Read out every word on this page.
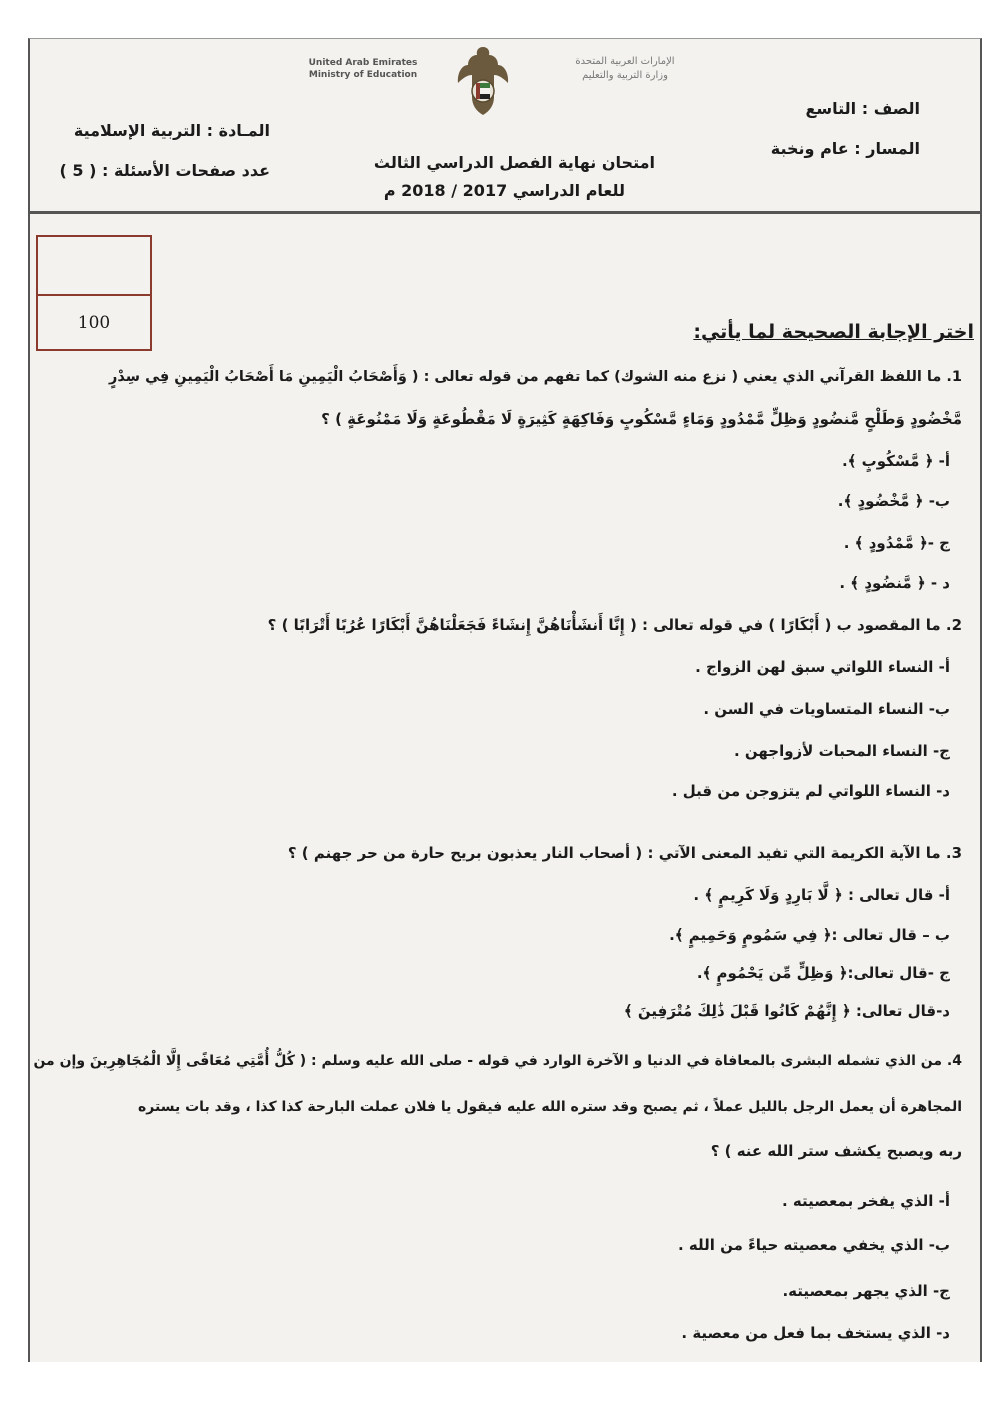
United Arab Emirates
Ministry of Education
الإمارات العربية المتحدة
وزارة التربية والتعليم
الصف : التاسع
المسار : عام ونخبة
امتحان نهاية الفصل الدراسي الثالث
للعام الدراسي 2017 / 2018 م
المـادة : التربية الإسلامية
عدد صفحات الأسئلة : ( 5 )
100	اختر الإجابة الصحيحة لما يأتي:
1. ما اللفظ القرآني الذي يعني ( نزع منه الشوك) كما تفهم من قوله تعالى : ( وَأَصْحَابُ الْيَمِينِ مَا أَصْحَابُ الْيَمِينِ فِي سِدْرٍ
مَّخْضُودٍ وَطَلْحٍ مَّنضُودٍ وَظِلٍّ مَّمْدُودٍ وَمَاءٍ مَّسْكُوبٍ وَفَاكِهَةٍ كَثِيرَةٍ لَا مَقْطُوعَةٍ وَلَا مَمْنُوعَةٍ ) ؟
أ- ﴿ مَّسْكُوبٍ ﴾.
ب- ﴿ مَّخْضُودٍ ﴾.
ج -﴿ مَّمْدُودٍ ﴾ .
د - ﴿ مَّنضُودٍ ﴾ .
2. ما المقصود ب ( أَبْكَارًا ) في قوله تعالى : ( إِنَّا أَنشَأْنَاهُنَّ إِنشَاءً فَجَعَلْنَاهُنَّ أَبْكَارًا عُرُبًا أَتْرَابًا ) ؟
أ- النساء اللواتي سبق لهن الزواج .
ب- النساء المتساويات في السن .
ج- النساء المحبات لأزواجهن .
د- النساء اللواتي لم يتزوجن من قبل .
3. ما الآية الكريمة التي تفيد المعنى الآتي : ( أصحاب النار يعذبون بريح حارة من حر جهنم ) ؟
أ- قال تعالى : ﴿ لَّا بَارِدٍ وَلَا كَرِيمٍ ﴾ .
ب – قال تعالى :﴿ فِي سَمُومٍ وَحَمِيمٍ ﴾.
ج -قال تعالى:﴿ وَظِلٍّ مِّن يَحْمُومٍ ﴾.
د-قال تعالى: ﴿ إِنَّهُمْ كَانُوا قَبْلَ ذَٰلِكَ مُتْرَفِينَ ﴾
4. من الذي تشمله البشرى بالمعافاة في الدنيا و الآخرة الوارد في قوله - صلى الله عليه وسلم : ( كُلُّ أُمَّتِي مُعَافًى إِلَّا الْمُجَاهِرِينَ وإن من
المجاهرة أن يعمل الرجل بالليل عملاً ، ثم يصبح وقد ستره الله عليه فيقول يا فلان عملت البارحة كذا كذا ، وقد بات يستره
ربه ويصبح يكشف ستر الله عنه ) ؟
أ- الذي يفخر بمعصيته .
ب- الذي يخفي معصيته حياءً من الله .
ج- الذي يجهر بمعصيته.
د- الذي يستخف بما فعل من معصية .
